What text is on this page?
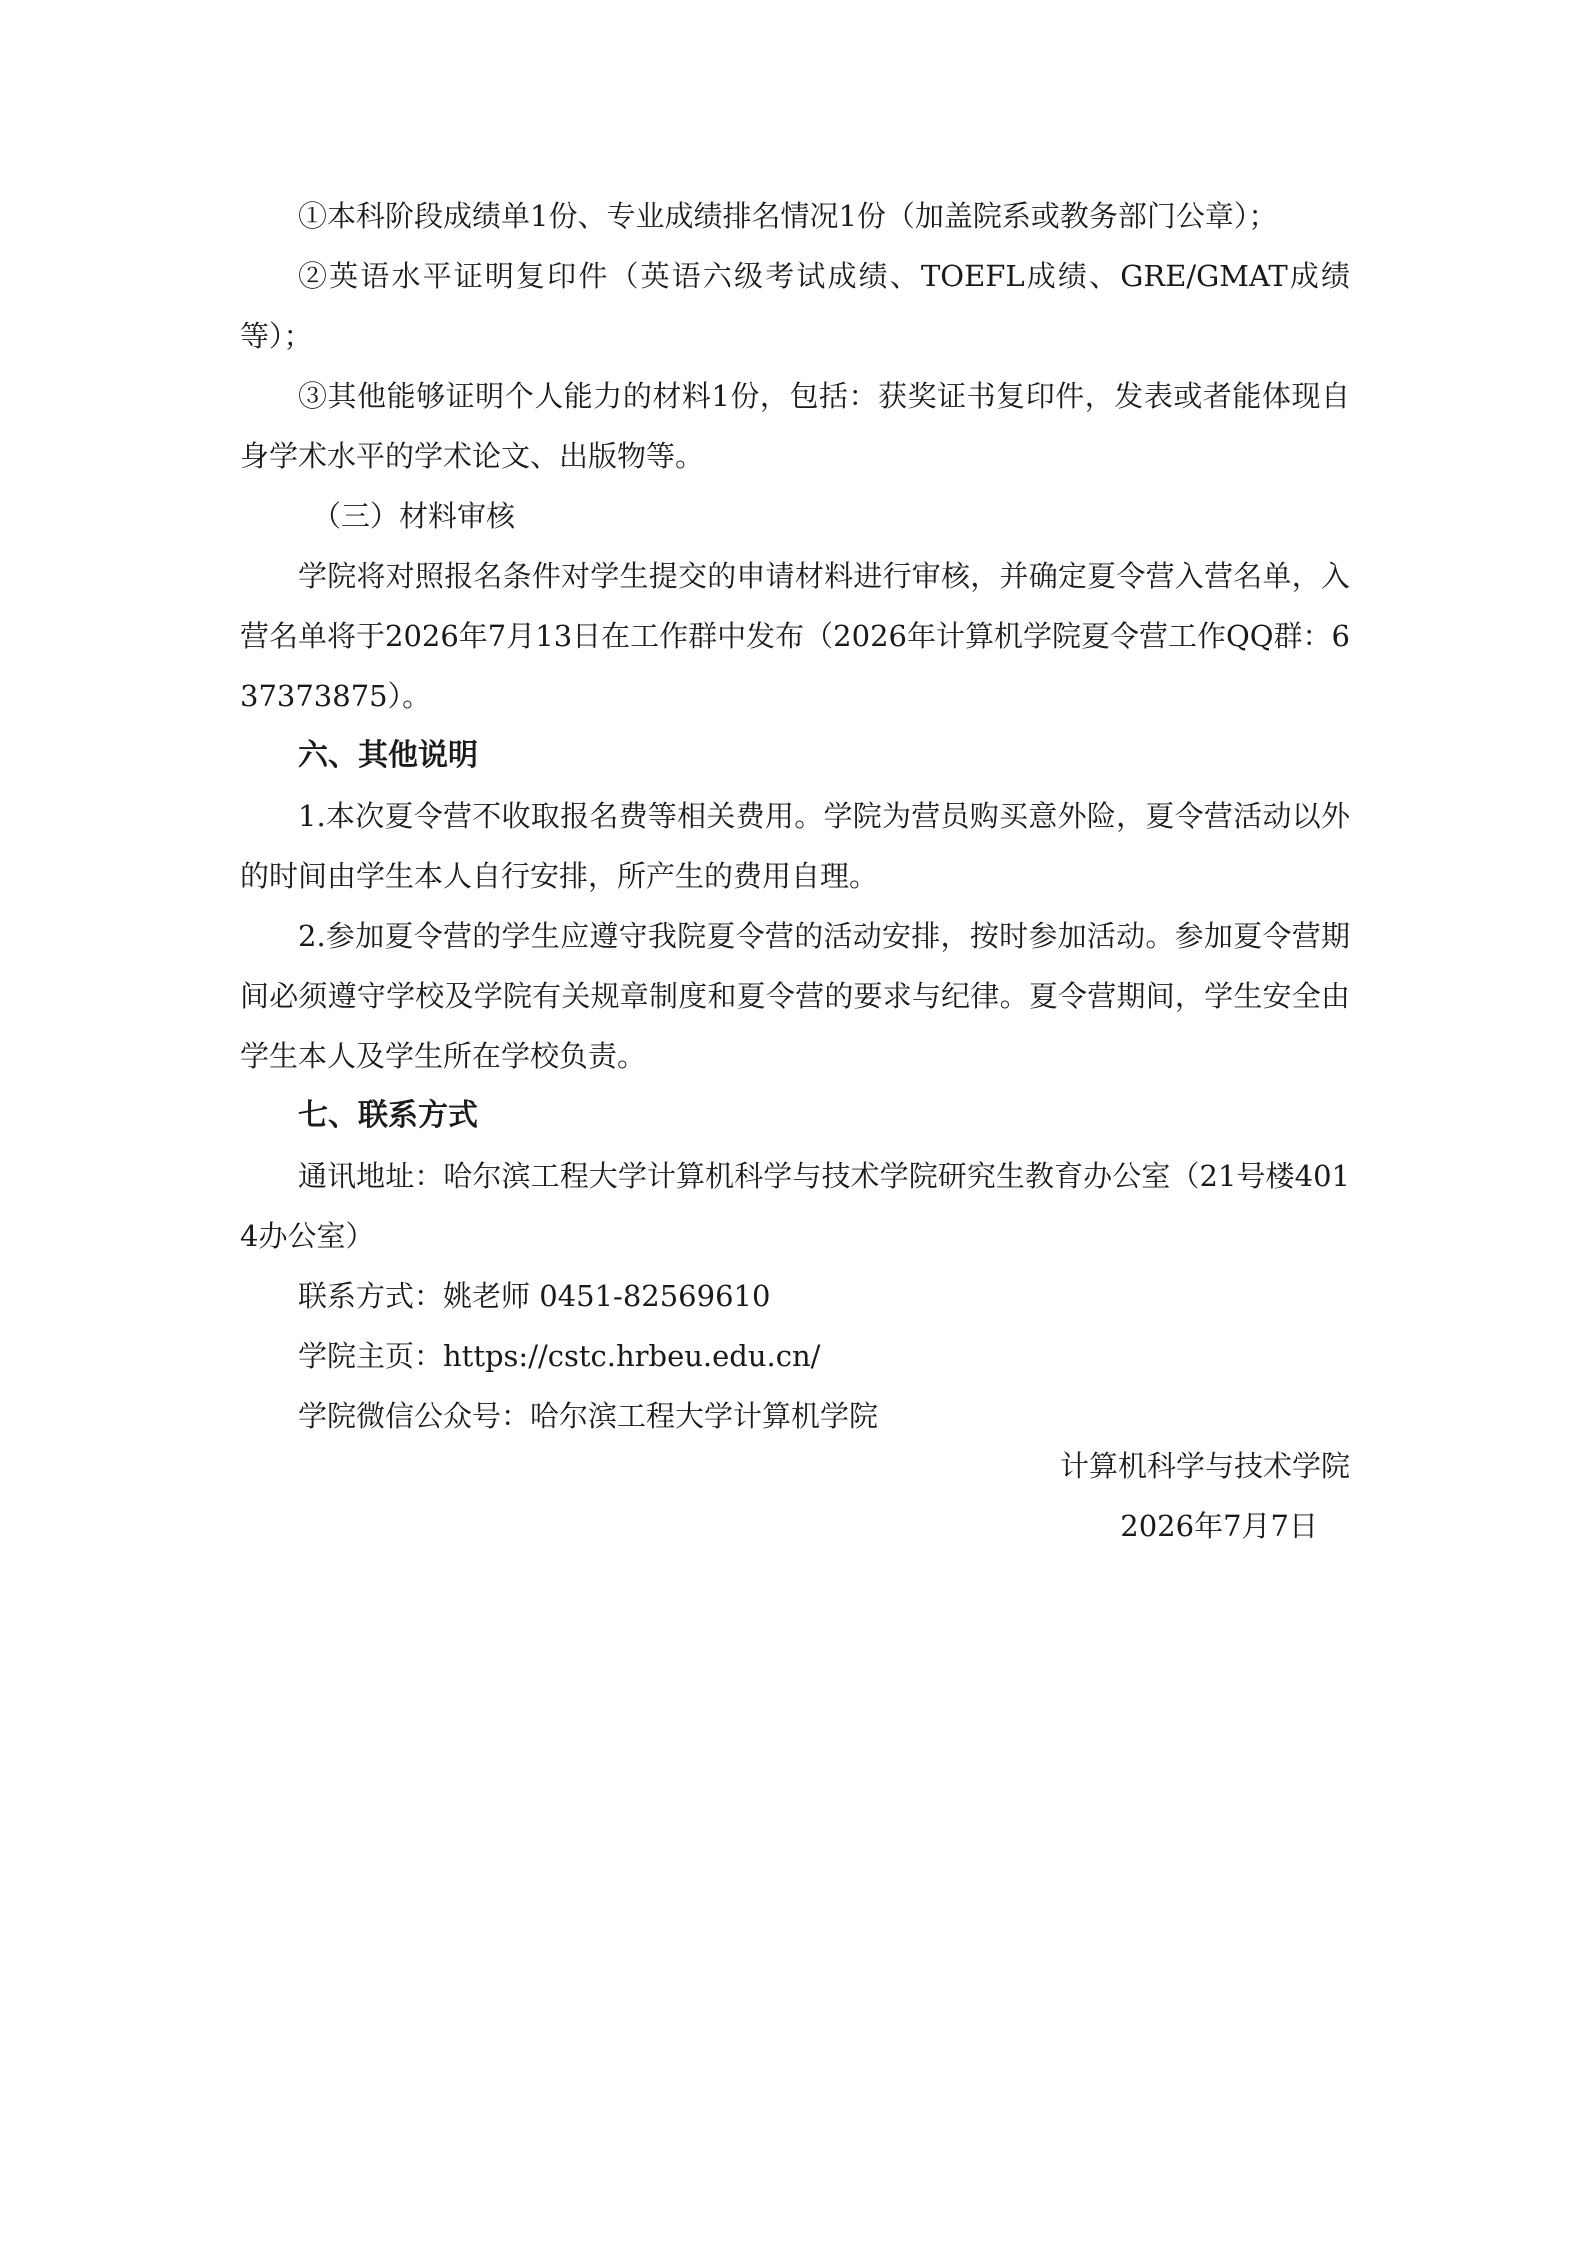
①本科阶段成绩单1份、专业成绩排名情况1份（加盖院系或教务部门公章）；

②英语水平证明复印件（英语六级考试成绩、TOEFL成绩、GRE/GMAT成绩等）；

③其他能够证明个人能力的材料1份，包括：获奖证书复印件，发表或者能体现自身学术水平的学术论文、出版物等。

（三）材料审核

学院将对照报名条件对学生提交的申请材料进行审核，并确定夏令营入营名单，入营名单将于2026年7月13日在工作群中发布（2026年计算机学院夏令营工作QQ群：637373875）。

六、其他说明

1.本次夏令营不收取报名费等相关费用。学院为营员购买意外险，夏令营活动以外的时间由学生本人自行安排，所产生的费用自理。

2.参加夏令营的学生应遵守我院夏令营的活动安排，按时参加活动。参加夏令营期间必须遵守学校及学院有关规章制度和夏令营的要求与纪律。夏令营期间，学生安全由学生本人及学生所在学校负责。

七、联系方式

通讯地址：哈尔滨工程大学计算机科学与技术学院研究生教育办公室（21号楼4014办公室）

联系方式：姚老师 0451-82569610

学院主页：https://cstc.hrbeu.edu.cn/

学院微信公众号：哈尔滨工程大学计算机学院

计算机科学与技术学院
2026年7月7日
